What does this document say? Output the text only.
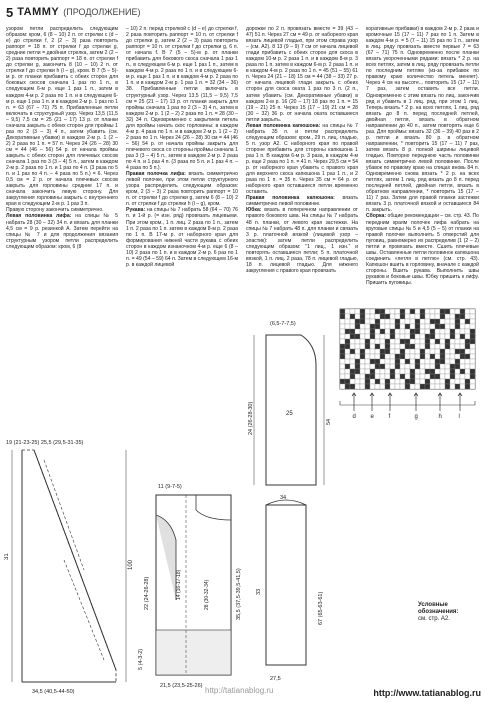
5 TAMMY (ПРОДОЛЖЕНИЕ)

узором петли распределить следующим образом: кром, 6 (8 – 10) 2 п. от стрелки с (d – e) до стрелки f, 2 (2 – 3) раза повторить раппорт = 18 п. от стрелки f до стрелки g, средние петли = двойная стрелка, затем 2 (2 – 2) раза повторить раппорт = 18 п. от стрелки f до стрелки g, закончить 8 (10 – 10) 2 п. от стрелки f до стрелки h (l – g), кром. В 7 (5 – 5)-м р. от планки прибавить с обеих сторон для боковых скосов сначала 1 раз по 1 п., в следующем 6-м р. еще 1 раз 1 п., затем в каждом 4-м р. 2 раза по 1 п. и в следующем 6-м р. еще 1 раз 1 п. и в каждом 2-м р. 1 раз по 1 п. = 63 (67 – 71) 75 п. Прибавленные петли включать в структурный узор. Через 13,5 (11,5 – 9,5) 7,5 см = 25 (21 – 17) 13 р. от планки сначала закрыть с обеих сторон для проймы 1 раз по 2 (3 – 3) 4 п., затем убавить (см. Декоративные убавки) в каждом 2-м р. 1 (2 – 2) 2 раза по 1 п. = 57 п. Через 24 (26 – 28) 30 см = 44 (46 – 56) 54 р. от начала проймы закрыть с обеих сторон для плечевых скосов сначала 1 раз по 3 (3 – 4) 5 п., затем в каждом 2-м р. 2 раза по 1 п. и 1 раз по 4 п. (3 раза по 5 п. и 1 раз по 4 п. – 4 раза по 5 п.) = 6. Через 0,5 см = 2 р. от начала плечевых скосов закрыть для горловины средние 17 п. и сначала закончить левую сторону. Для закругления горловины закрыть с внутреннего края в следующем 2-м р. 1 раз 3 п.

Правую сторону закончить симметрично.

Левая половинка лифа: на спицы № 5 набрать 28 (30 – 32) 34 п. и вязать для планки 4,5 см = 9 р. резинкой А. Затем перейти на спицы № 7 и для продолжения вязания структурным узором петли распределить следующим образом: кром, 6 (8

– 10) 2 п. перед стрелкой с (d – e) до стрелки f, 2 раза повторить раппорт = 10 п. от стрелки f до стрелки g, затем 2 (2 – 3) раза повторить раппорт = 10 п. от стрелки f до стрелки g, 6 п. от начала f. В 7 (5 – 5)-м р. от планки прибавить для бокового скоса сначала 1 раз 1 п., в следующем 6-м р. еще 1 раз 1 п., затем в каждом 4-м р. 2 раза по 1 п. и в следующем 6-м р. еще 1 раз 1 п. и в каждом 4-м р. 2 раза по 1 п. и в каждом 2-м р. 1 раз 1 п. = 32 (34 – 36) 38. Прибавленные петли включать в структурный узор. Через 13,5 (11,5 – 9,5) 7,5 см = 25 (21 – 17) 13 р. от планки закрыть для проймы сначала 1 раз по 2 (3 – 3) 4 п., затем в каждом 2-м р. 1 (2 – 2) 2 раза по 1 п. = 28 (30 – 32) 34 п. Одновременно с закрытием петель для проймы начать скос горловины: в каждом 4-м р. 4 раза по 1 п. и в каждом 2-м р. 1 (2 – 2) 2 раза по 1 п. Через 24 (26 – 28) 30 см = 44 (46 – 56) 54 р. от начала проймы закрыть для плечевого скоса со стороны проймы сначала 1 раз 3 (3 – 4) 5 п., затем в каждом 2-м р. 2 раза по 4 п. и 1 раз 4 п. (3 раза по 5 п. и 1 раз 4 п. – 4 раза по 5 п.).

Правая полочка лифа: вязать симметрично левой полочке, при этом петли структурного узора распределить следующим образом: кром, 2 (3 – 3) 2 раза повторить раппорт = 10 п. от стрелки f до стрелки g, затем 6 (8 – 10) 2 п. от стрелки f до стрелки h (l – g), кром.

Рукава: на спицы № 7 набрать 58 (64 – 70) 76 п. и 1-й р. (= изн. ряд) провязать лицевыми. При этом кром., 1 п. лиц. 2 раза по 1 п., затем 1 п. 2 раза по 1 п. затем в каждом 8-м р. 2 раза по 1 п. В 17-м р. от наборного края для формирования нижней части рукава с обеих сторон в каждом изнаночном 4-м р. еще 6 (8 – 10) 2 раза по 1 п. и в каждом 2-м р. 6 раз по 1 п. = 49 (54 – 59) 64 п. Затем в следующем 16-м р. в каждой лицевой

дорожке по 2 п. провязать вместе = 39 (43 – 47) 51 п. Через 27 см = 49 р. от наборного края вязать лицевой гладью, при этом справа узор – (см. А2). 8 13 (9 – 9) 7 см от начала лицевой глади прибавить с обеих сторон для скоса в каждом 10-м р. 2 раза 1 п. и в каждом 8-м р. 3 раза по 1 п. затем в каждом 6-м р. 2 раза 1 п. и в каждом 4-м р. 2 раза по 1 п. = 45 (51 – 55) 61 п. Через 24 (21 – 18) 15 см = 44 (38 – 33) 27 р. от начала лицевой глади закрыть с обеих сторон для скоса оката 1 раз по 3 п. (2 п., затем убавить (см. Декоративные убавки) в каждом 2-м р. 16 (20 – 17) 18 раз по 1 п. = 15 (19 – 21) 25 п. Через 15 (17 – 19) 21 см = 28 (30 – 32) 36 р. от начала оката оставшиеся петли закрыть.

Левая половинка капюшона: на спицы № 7 набрать 35 п. и петли распределить следующим образом: кром., 29 п. лиц. гладью, 5 п. узор А2. С наборного края по правой стороне прибавить для стороны капюшона 1 раз 1 п. В каждом 6-м р. 3 раза, в каждом 4-м р. еще 2 раза по 1 п. = 41 п. Через 29,5 см = 54 р. от наборного края убавить с правого края для верхнего скоса капюшона 1 раз 1 п., и 2 раза по 1 п. = 35 п. Через 35 см = 64 р. от наборного края оставшиеся петли временно оставить.

Правая половинка капюшона: вязать симметрично левой половинке.

Юбка: вязать в поперечном направлении от правого бокового шва. На спицы № 7 набрать 48 п. планки, от левого края застежки. На спицы № 7 набрать 48 п. для планки и связать 3 р. платочной вязкой (лицевой узор – эластик): затем петли распределить следующим образом: "1 лиц., 1 изн." и повторять оставшиеся петли; 5 п. платочной вязкой, 1 п. лиц. 2 раза, 78 п. лицевой гладью, 18 п. лицевой гладью. Для нижнего закругления с правого края провязать

коративные прибавки) в каждом 2-м р. 2 раза и кромочные 15 (17 – 11) 7 раз по 1 п. Затем в каждом 4-м р. = 5 (7 – 11) 15 раз по 1 п., затем в лиц. ряду провязать вместе первые 7 = 63 (67 – 71) 75 п. Одновременно после планки вязать укороченными рядами: вязать * 2 р. на всех петлях, затем в лиц. ряду провязать петли по последним петлям (из-за прибавок по правому краю количество петель меняет). Через 4 см на высоте... повторить 15 (17 – 11) 7 раз, затем оставить все петли. Одновременно с этим вязать по лиц. закончив ряд и убавить в 1 лиц. ряд, при этом 1 лиц. Теперь вязать * 2 р. на всех петлях, 1 лиц. ряд вязать до 8 п. перед последней петлей, двойная петля, вязать в обратном направлении до 40 п., затем повторять еще 6 раз. Для проймы: вязать 32 (36 – 39) 40 раз в 2 р. петли и вязать 80 р. в обратном направлении, * повторить 15 (17 – 11) 7 раз, затем вязать 8 р. полной ширины лицевой гладью. Повторно переднюю часть половинки вязать симметрично левой половинке. После убавок по правому краю на спицах вновь 84 п. Одновременно снова вязать * 2 р. на всех петлях, затем 1 лиц. ряд вязать до 8 п. перед последней петлей, двойная петля, вязать в обратном направлении, * повторить 15 (17 – 11) 7 раз. Затем для правой планки застежки вязать 3 р. платочной вязкой и оставшиеся 84 п. закрыть.

Сборка: общие рекомендации – см. стр. 43. По передним краям полочек лифа набрать на круговые спицы № 5 и 4,5 (5 – 5) от планки на правой полочке выполнить 5 отверстий для пуговиц, равномерно их распределив (1 (2 – 2) петли и провязать вместе. Сшить плечевые швы. Оставленные петли половинок капюшона соединить «петля в петлю» (см. стр. 43). Капюшон вшить в горловину, вначале с каждой стороны. Вшить рукава. Выполнить швы рукавов и боковые швы. Юбку пришить к лифу. Пришить пуговицы.

19 (21-23-25) 25,5 (29,5-31-35)
31
100
34,5 (40,5-44-50)
11 (9-7-5)
22 (24-26-28)	35,5 (37,5-39,5-41,5)
14 (16-17-18)	28 (30-32-34)
5 (4-3-2)
21,5 (23,5-25-26)
(6,5-7-7,5)
24 (26-28-30)	25
54
34
67 (65-63-61)
33
27,5
d e f	g	h	l
Условные обозначения:
см. стр. А2.
http://tatianablog.ru	http://www.tatianablog.ru
